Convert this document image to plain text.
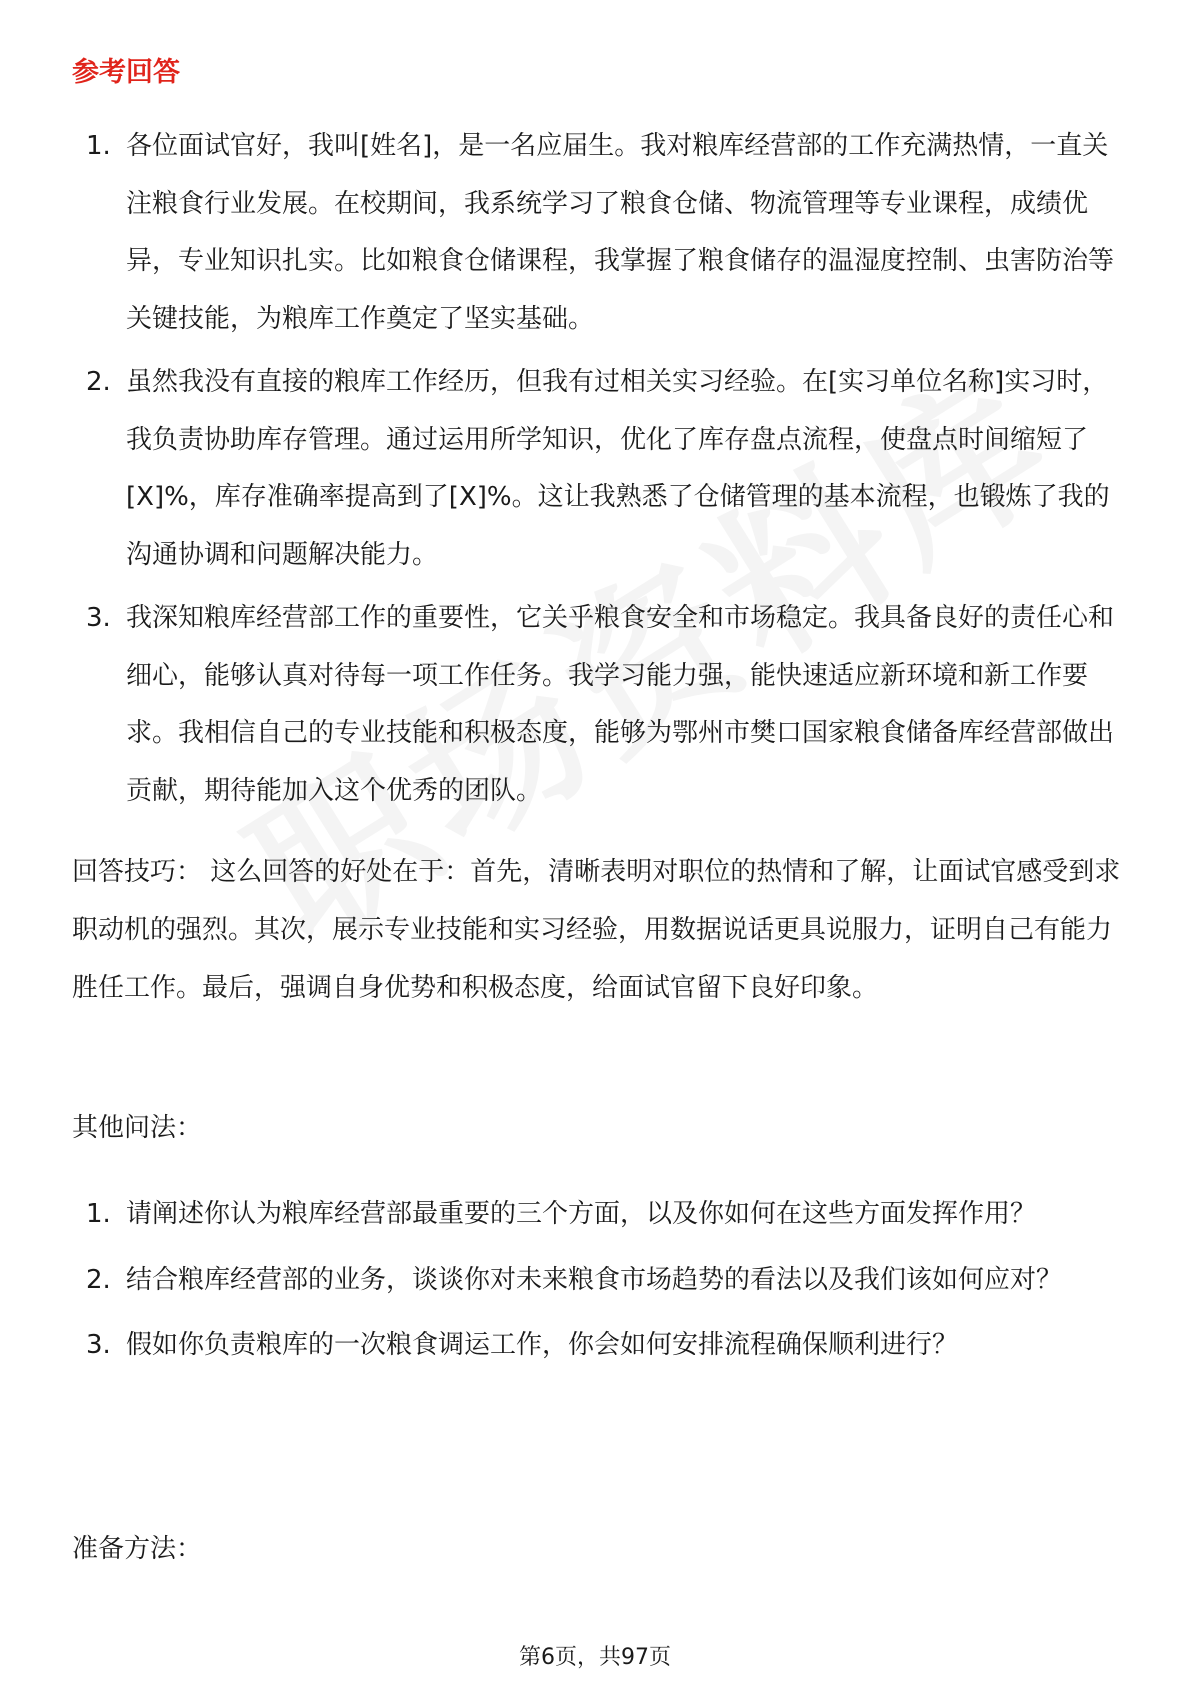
参考回答
1. 各位面试官好，我叫[姓名]，是一名应届生。我对粮库经营部的工作充满热情，一直关注粮食行业发展。在校期间，我系统学习了粮食仓储、物流管理等专业课程，成绩优异，专业知识扎实。比如粮食仓储课程，我掌握了粮食储存的温湿度控制、虫害防治等关键技能，为粮库工作奠定了坚实基础。
2. 虽然我没有直接的粮库工作经历，但我有过相关实习经验。在[实习单位名称]实习时，我负责协助库存管理。通过运用所学知识，优化了库存盘点流程，使盘点时间缩短了[X]%，库存准确率提高到了[X]%。这让我熟悉了仓储管理的基本流程，也锻炼了我的沟通协调和问题解决能力。
3. 我深知粮库经营部工作的重要性，它关乎粮食安全和市场稳定。我具备良好的责任心和细心，能够认真对待每一项工作任务。我学习能力强，能快速适应新环境和新工作要求。我相信自己的专业技能和积极态度，能够为鄂州市樊口国家粮食储备库经营部做出贡献，期待能加入这个优秀的团队。

回答技巧： 这么回答的好处在于：首先，清晰表明对职位的热情和了解，让面试官感受到求职动机的强烈。其次，展示专业技能和实习经验，用数据说话更具说服力，证明自己有能力胜任工作。最后，强调自身优势和积极态度，给面试官留下良好印象。

其他问法：

1. 请阐述你认为粮库经营部最重要的三个方面，以及你如何在这些方面发挥作用？
2. 结合粮库经营部的业务，谈谈你对未来粮食市场趋势的看法以及我们该如何应对？
3. 假如你负责粮库的一次粮食调运工作，你会如何安排流程确保顺利进行？

准备方法：

第6页，共97页
